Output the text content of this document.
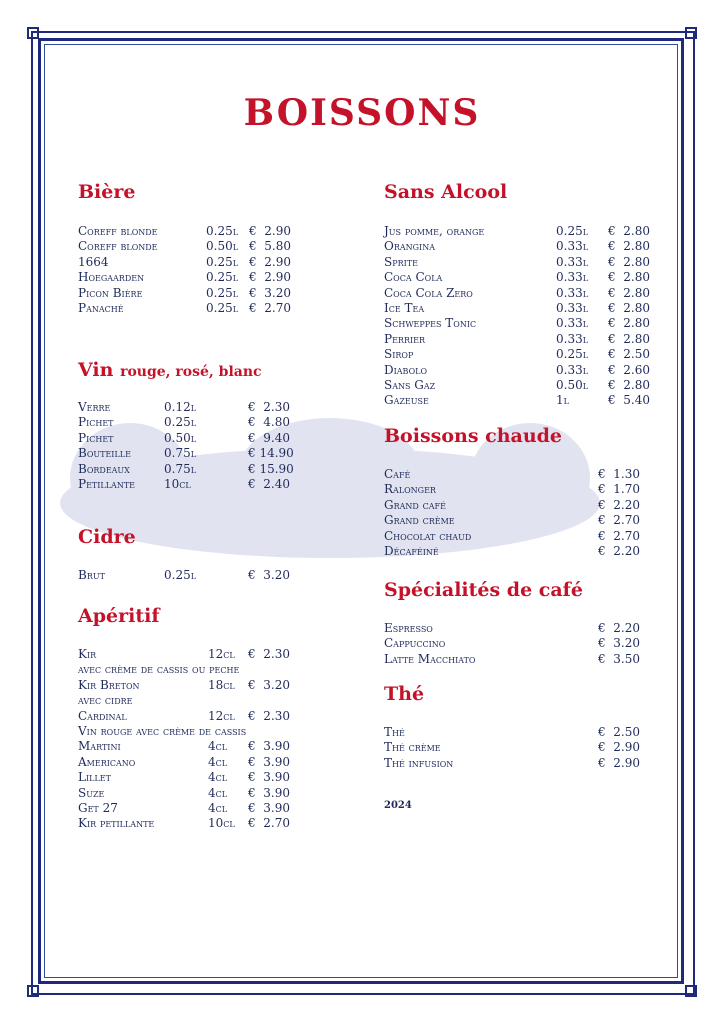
BOISSONS
Bière
Coreff blonde	0.25l €  2.90
Coreff blonde	0.50l €  5.80
1664	0.25l €  2.90
Hoegaarden	0.25l €  2.90
Picon Bière	0.25l €  3.20
Panaché	0.25l €  2.70
Vin rouge, rosé, blanc
Verre	0.12l	€  2.30
Pichet	0.25l	€  4.80
Pichet	0.50l	€  9.40
Bouteille	0.75l	€ 14.90
Bordeaux	0.75l	€ 15.90
Petillante 10cl	€  2.40
Cidre
Brut	0.25l	€  3.20
Apéritif
Kir	12cl €  2.30
avec crème de cassis ou peche
Kir Breton	18cl €  3.20
avec cidre
Cardinal	12cl €  2.30
Vin rouge avec crème de cassis
Martini	4cl €  3.90
Americano	4cl €  3.90
Lillet	4cl €  3.90
Suze	4cl €  3.90
Get 27	4cl €  3.90
Kir petillante	10cl €  2.70
Sans Alcool
Jus pomme, orange	0.25l €  2.80
Orangina	0.33l €  2.80
Sprite	0.33l €  2.80
Coca Cola	0.33l €  2.80
Coca Cola Zero	0.33l €  2.80
Ice Tea	0.33l €  2.80
Schweppes Tonic	0.33l €  2.80
Perrier	0.33l €  2.80
Sirop	0.25l €  2.50
Diabolo	0.33l €  2.60
Sans Gaz	0.50l €  2.80
Gazeuse	1l	€  5.40
Boissons chaude
Café	€  1.30
Ralonger	€  1.70
Grand café	€  2.20
Grand crème	€  2.70
Chocolat chaud	€  2.70
Décaféiné	€  2.20
Spécialités de café
Espresso	€  2.20
Cappuccino	€  3.20
Latte Macchiato	€  3.50
Thé
Thé	€  2.50
Thé crème	€  2.90
Thé infusion	€  2.90
2024
